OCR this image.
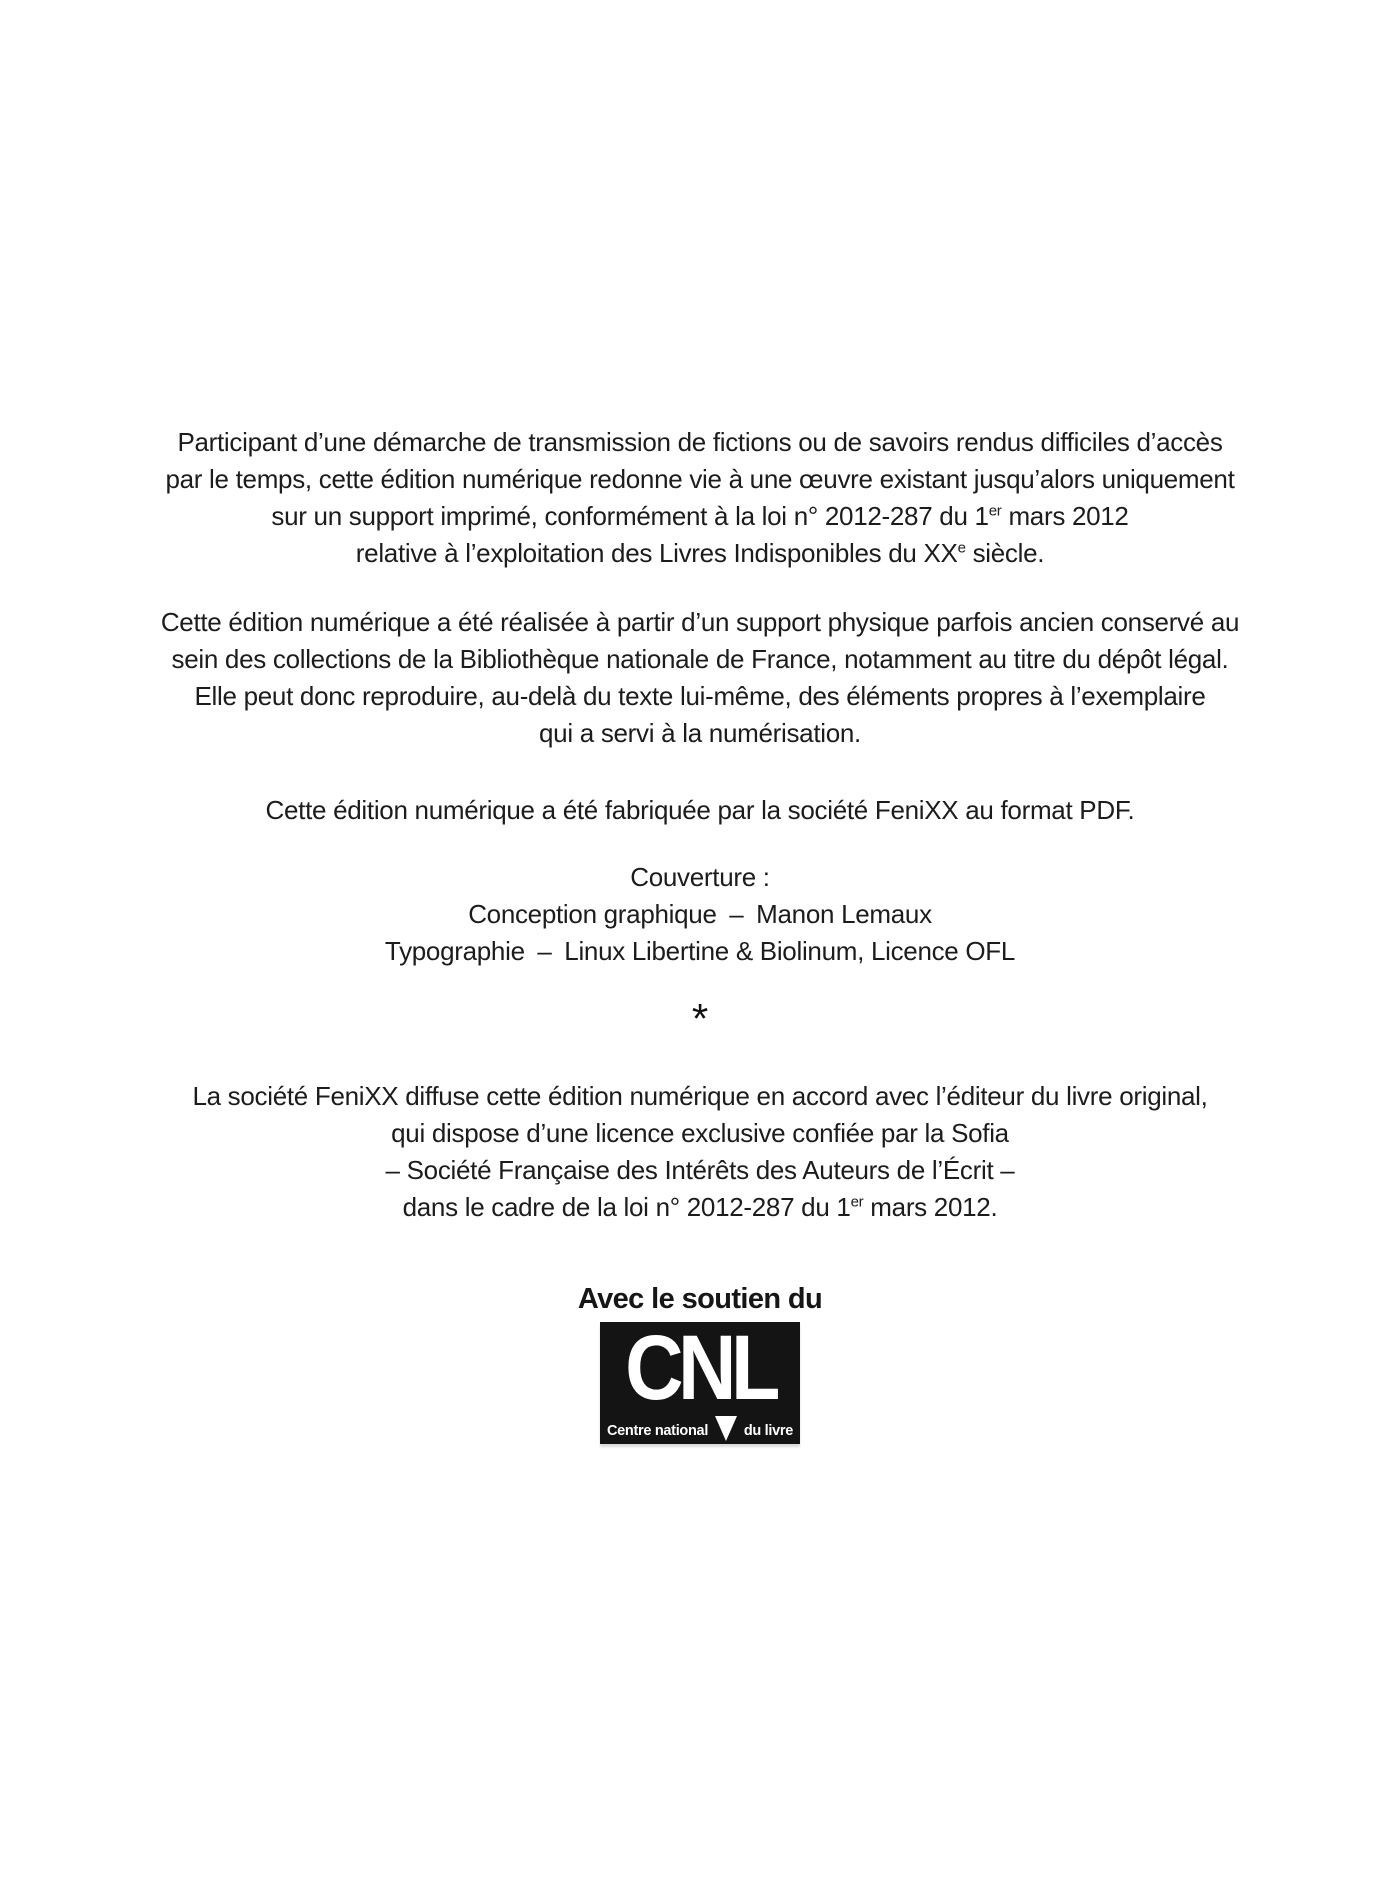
Participant d’une démarche de transmission de fictions ou de savoirs rendus difficiles d’accès
par le temps, cette édition numérique redonne vie à une œuvre existant jusqu’alors uniquement
sur un support imprimé, conformément à la loi n° 2012-287 du 1er mars 2012
relative à l’exploitation des Livres Indisponibles du XXe siècle.
Cette édition numérique a été réalisée à partir d’un support physique parfois ancien conservé au
sein des collections de la Bibliothèque nationale de France, notamment au titre du dépôt légal.
Elle peut donc reproduire, au-delà du texte lui-même, des éléments propres à l’exemplaire
qui a servi à la numérisation.
Cette édition numérique a été fabriquée par la société FeniXX au format PDF.
Couverture :
Conception graphique – Manon Lemaux
Typographie – Linux Libertine & Biolinum, Licence OFL
*
La société FeniXX diffuse cette édition numérique en accord avec l’éditeur du livre original,
qui dispose d’une licence exclusive confiée par la Sofia
– Société Française des Intérêts des Auteurs de l’Écrit –
dans le cadre de la loi n° 2012-287 du 1er mars 2012.
Avec le soutien du
CNL
Centre national du livre
